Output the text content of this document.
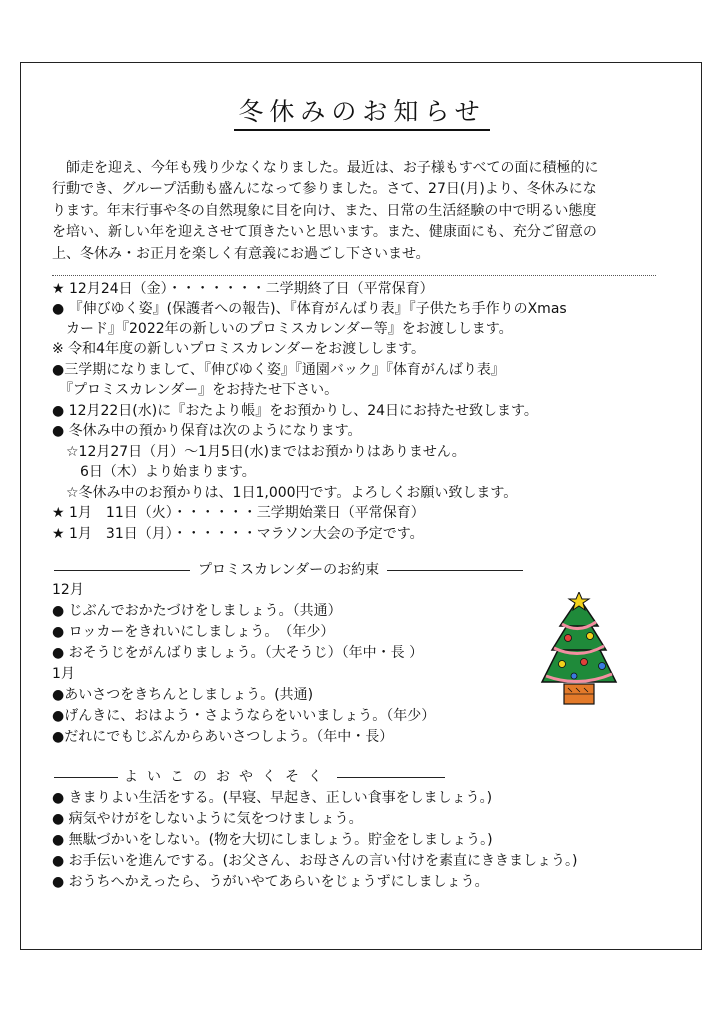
冬休みのお知らせ

　師走を迎え、今年も残り少なくなりました。最近は、お子様もすべての面に積極的に

行動でき、グループ活動も盛んになって参りました。さて、27日(月)より、冬休みにな

ります。年末行事や冬の自然現象に目を向け、また、日常の生活経験の中で明るい態度

を培い、新しい年を迎えさせて頂きたいと思います。また、健康面にも、充分ご留意の

上、冬休み・お正月を楽しく有意義にお過ごし下さいませ。

★ 12月24日（金）・・・・・・・二学期終了日（平常保育）
● 『伸びゆく姿』(保護者への報告)、『体育がんばり表』『子供たち手作りのXmas
　カード』『2022年の新しいのプロミスカレンダー等』をお渡しします。
※ 令和4年度の新しいプロミスカレンダーをお渡しします。
●三学期になりまして、『伸びゆく姿』『通園バック』『体育がんばり表』
　『プロミスカレンダー』をお持たせ下さい。
● 12月22日(水)に『おたより帳』をお預かりし、24日にお持たせ致します。
● 冬休み中の預かり保育は次のようになります。
　☆12月27日（月）～1月5日(水)まではお預かりはありません。
　　6日（木）より始まります。
　☆冬休み中のお預かりは、1日1,000円です。よろしくお願い致します。
★ 1月　11日（火）・・・・・・三学期始業日（平常保育）
★ 1月　31日（月）・・・・・・マラソン大会の予定です。
プロミスカレンダーのお約束
12月
● じぶんでおかたづけをしましょう。（共通）
● ロッカーをきれいにしましょう。　（年少）
● おそうじをがんばりましょう。（大そうじ）（年中・長 ）
1月
●あいさつをきちんとしましょう。(共通)
●げんきに、おはよう・さようならをいいましょう。（年少）
●だれにでもじぶんからあいさつしよう。（年中・長）
よいこのおやくそく
● きまりよい生活をする。(早寝、早起き、正しい食事をしましょう。)
● 病気やけがをしないように気をつけましょう。
● 無駄づかいをしない。(物を大切にしましょう。貯金をしましょう。)
● お手伝いを進んでする。(お父さん、お母さんの言い付けを素直にききましょう。)
● おうちへかえったら、うがいやてあらいをじょうずにしましょう。
